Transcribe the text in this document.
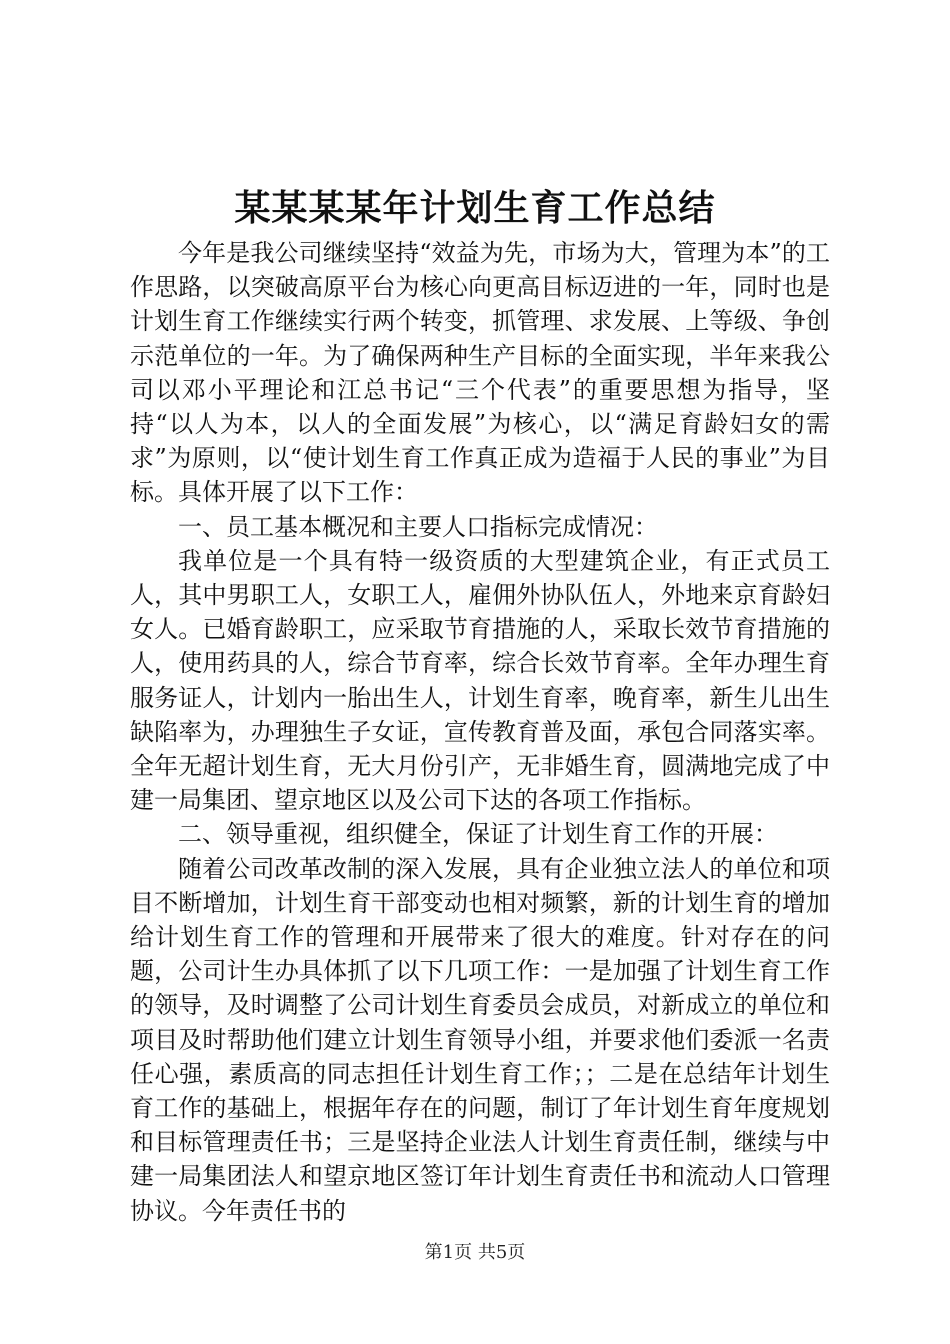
某某某某年计划生育工作总结

今年是我公司继续坚持“效益为先，市场为大，管理为本”的工作思路，以突破高原平台为核心向更高目标迈进的一年，同时也是计划生育工作继续实行两个转变，抓管理、求发展、上等级、争创示范单位的一年。为了确保两种生产目标的全面实现，半年来我公司以邓小平理论和江总书记“三个代表”的重要思想为指导，坚持“以人为本，以人的全面发展”为核心，以“满足育龄妇女的需求”为原则，以“使计划生育工作真正成为造福于人民的事业”为目标。具体开展了以下工作：

一、员工基本概况和主要人口指标完成情况：

我单位是一个具有特一级资质的大型建筑企业，有正式员工人，其中男职工人，女职工人，雇佣外协队伍人，外地来京育龄妇女人。已婚育龄职工，应采取节育措施的人，采取长效节育措施的人，使用药具的人，综合节育率，综合长效节育率。全年办理生育服务证人，计划内一胎出生人，计划生育率，晚育率，新生儿出生缺陷率为，办理独生子女证，宣传教育普及面，承包合同落实率。全年无超计划生育，无大月份引产，无非婚生育，圆满地完成了中建一局集团、望京地区以及公司下达的各项工作指标。

二、领导重视，组织健全，保证了计划生育工作的开展：

随着公司改革改制的深入发展，具有企业独立法人的单位和项目不断增加，计划生育干部变动也相对频繁，新的计划生育的增加给计划生育工作的管理和开展带来了很大的难度。针对存在的问题，公司计生办具体抓了以下几项工作：一是加强了计划生育工作的领导，及时调整了公司计划生育委员会成员，对新成立的单位和项目及时帮助他们建立计划生育领导小组，并要求他们委派一名责任心强，素质高的同志担任计划生育工作；；二是在总结年计划生育工作的基础上，根据年存在的问题，制订了年计划生育年度规划和目标管理责任书；三是坚持企业法人计划生育责任制，继续与中建一局集团法人和望京地区签订年计划生育责任书和流动人口管理协议。今年责任书的

第1页 共5页
